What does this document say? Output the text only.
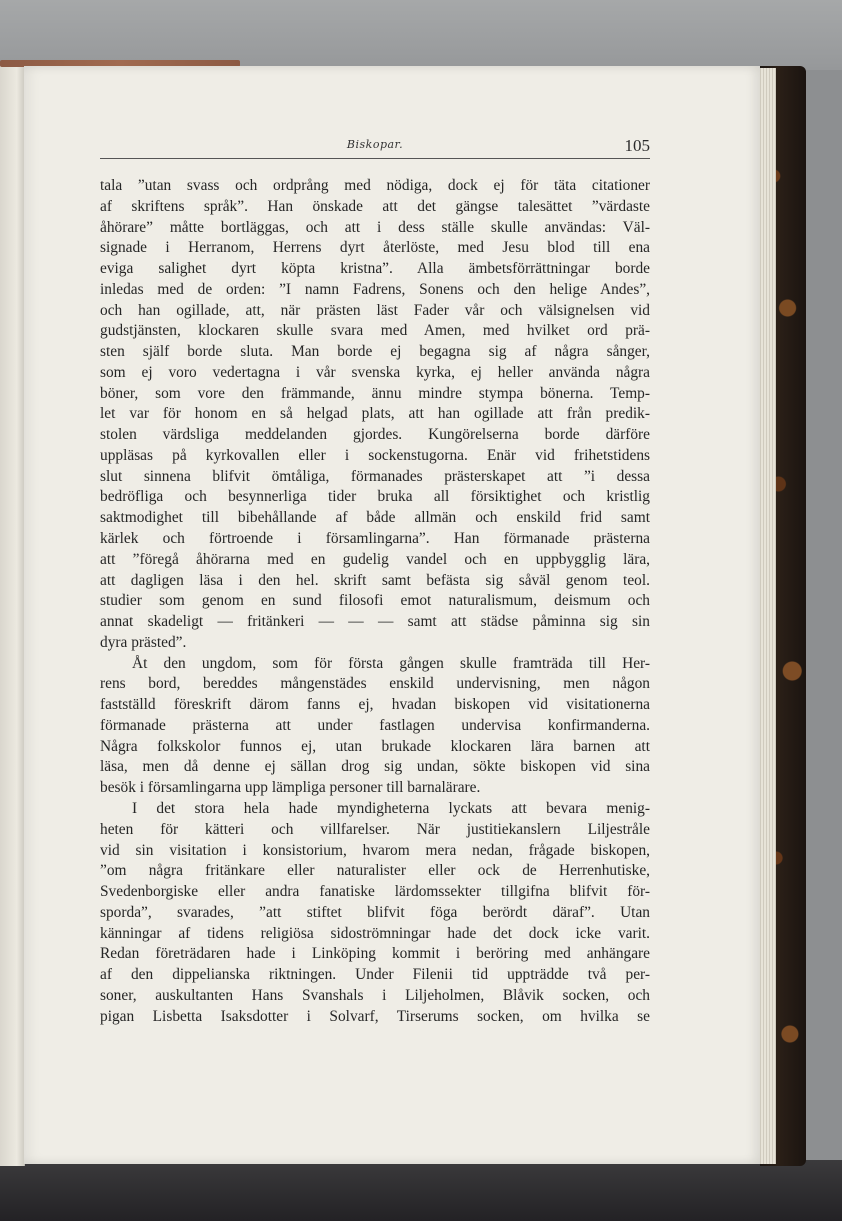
Biskopar.	105
tala ”utan svass och ordprång med nödiga, dock ej för täta citationer
af skriftens språk”. Han önskade att det gängse talesättet ”värdaste
åhörare” måtte bortläggas, och att i dess ställe skulle användas: Väl-
signade i Herranom, Herrens dyrt återlöste, med Jesu blod till ena
eviga salighet dyrt köpta kristna”. Alla ämbetsförrättningar borde
inledas med de orden: ”I namn Fadrens, Sonens och den helige Andes”,
och han ogillade, att, när prästen läst Fader vår och välsignelsen vid
gudstjänsten, klockaren skulle svara med Amen, med hvilket ord prä-
sten själf borde sluta. Man borde ej begagna sig af några sånger,
som ej voro vedertagna i vår svenska kyrka, ej heller använda några
böner, som vore den främmande, ännu mindre stympa bönerna. Temp-
let var för honom en så helgad plats, att han ogillade att från predik-
stolen värdsliga meddelanden gjordes. Kungörelserna borde därföre
uppläsas på kyrkovallen eller i sockenstugorna. Enär vid frihetstidens
slut sinnena blifvit ömtåliga, förmanades prästerskapet att ”i dessa
bedröfliga och besynnerliga tider bruka all försiktighet och kristlig
saktmodighet till bibehållande af både allmän och enskild frid samt
kärlek och förtroende i församlingarna”. Han förmanade prästerna
att ”föregå åhörarna med en gudelig vandel och en uppbygglig lära,
att dagligen läsa i den hel. skrift samt befästa sig såväl genom teol.
studier som genom en sund filosofi emot naturalismum, deismum och
annat skadeligt — fritänkeri — — — samt att städse påminna sig sin
dyra prästed”.
Åt den ungdom, som för första gången skulle framträda till Her-
rens bord, bereddes mångenstädes enskild undervisning, men någon
fastställd föreskrift därom fanns ej, hvadan biskopen vid visitationerna
förmanade prästerna att under fastlagen undervisa konfirmanderna.
Några folkskolor funnos ej, utan brukade klockaren lära barnen att
läsa, men då denne ej sällan drog sig undan, sökte biskopen vid sina
besök i församlingarna upp lämpliga personer till barnalärare.
I det stora hela hade myndigheterna lyckats att bevara menig-
heten för kätteri och villfarelser. När justitiekanslern Liljestråle
vid sin visitation i konsistorium, hvarom mera nedan, frågade biskopen,
”om några fritänkare eller naturalister eller ock de Herrenhutiske,
Svedenborgiske eller andra fanatiske lärdomssekter tillgifna blifvit för-
sporda”, svarades, ”att stiftet blifvit föga berördt däraf”. Utan
känningar af tidens religiösa sidoströmningar hade det dock icke varit.
Redan företrädaren hade i Linköping kommit i beröring med anhängare
af den dippelianska riktningen. Under Filenii tid uppträdde två per-
soner, auskultanten Hans Svanshals i Liljeholmen, Blåvik socken, och
pigan Lisbetta Isaksdotter i Solvarf, Tirserums socken, om hvilka se
